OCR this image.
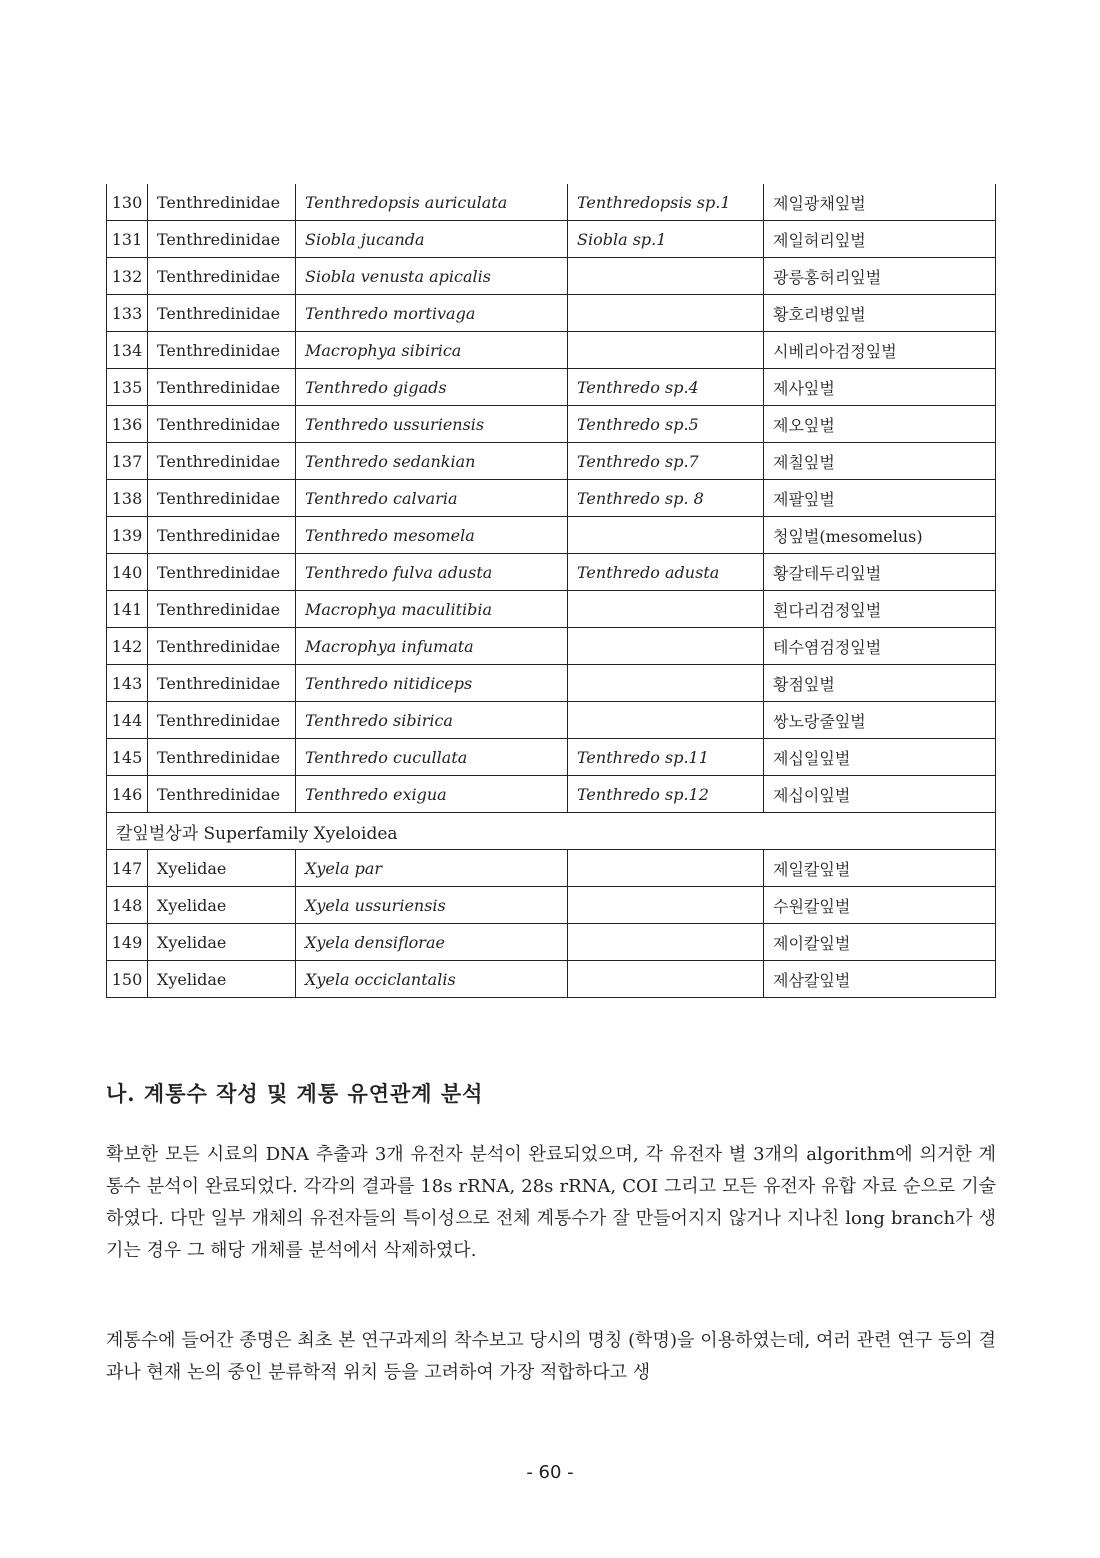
130	Tenthredinidae	Tenthredopsis auriculata	Tenthredopsis sp.1	제일광채잎벌
131	Tenthredinidae	Siobla jucanda	Siobla sp.1	제일허리잎벌
132	Tenthredinidae	Siobla venusta apicalis		광릉홍허리잎벌
133	Tenthredinidae	Tenthredo mortivaga		황호리병잎벌
134	Tenthredinidae	Macrophya sibirica		시베리아검정잎벌
135	Tenthredinidae	Tenthredo gigads	Tenthredo sp.4	제사잎벌
136	Tenthredinidae	Tenthredo ussuriensis	Tenthredo sp.5	제오잎벌
137	Tenthredinidae	Tenthredo sedankian	Tenthredo sp.7	제칠잎벌
138	Tenthredinidae	Tenthredo calvaria	Tenthredo sp. 8	제팔잎벌
139	Tenthredinidae	Tenthredo mesomela		청잎벌(mesomelus)
140	Tenthredinidae	Tenthredo fulva adusta	Tenthredo adusta	황갈테두리잎벌
141	Tenthredinidae	Macrophya maculitibia		흰다리검정잎벌
142	Tenthredinidae	Macrophya infumata		테수염검정잎벌
143	Tenthredinidae	Tenthredo nitidiceps		황점잎벌
144	Tenthredinidae	Tenthredo sibirica		쌍노랑줄잎벌
145	Tenthredinidae	Tenthredo cucullata	Tenthredo sp.11	제십일잎벌
146	Tenthredinidae	Tenthredo exigua	Tenthredo sp.12	제십이잎벌
칼잎벌상과 Superfamily Xyeloidea				
147	Xyelidae	Xyela par		제일칼잎벌
148	Xyelidae	Xyela ussuriensis		수원칼잎벌
149	Xyelidae	Xyela densiflorae		제이칼잎벌
150	Xyelidae	Xyela occiclantalis		제삼칼잎벌
나. 계통수 작성 및 계통 유연관계 분석

확보한 모든 시료의 DNA 추출과 3개 유전자 분석이 완료되었으며, 각 유전자 별 3개의 algorithm에 의거한 계통수 분석이 완료되었다. 각각의 결과를 18s rRNA, 28s rRNA, COI 그리고 모든 유전자 유합 자료 순으로 기술하였다. 다만 일부 개체의 유전자들의 특이성으로 전체 계통수가 잘 만들어지지 않거나 지나친 long branch가 생기는 경우 그 해당 개체를 분석에서 삭제하였다.

계통수에 들어간 종명은 최초 본 연구과제의 착수보고 당시의 명칭 (학명)을 이용하였는데, 여러 관련 연구 등의 결과나 현재 논의 중인 분류학적 위치 등을 고려하여 가장 적합하다고 생

- 60 -
